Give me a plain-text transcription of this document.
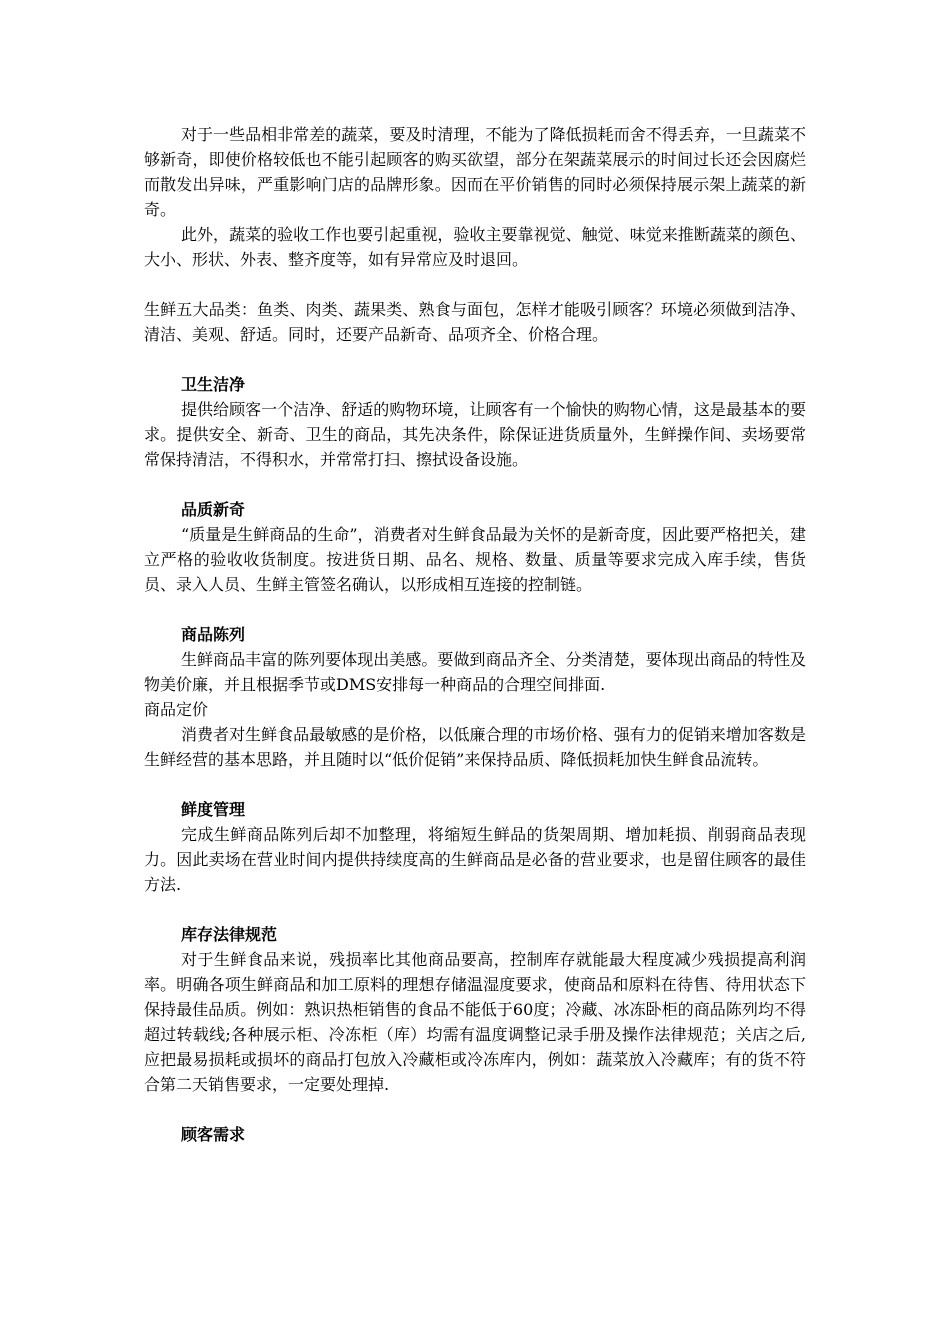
对于一些品相非常差的蔬菜，要及时清理，不能为了降低损耗而舍不得丢弃，一旦蔬菜不够新奇，即使价格较低也不能引起顾客的购买欲望，部分在架蔬菜展示的时间过长还会因腐烂而散发出异味，严重影响门店的品牌形象。因而在平价销售的同时必须保持展示架上蔬菜的新奇。

此外，蔬菜的验收工作也要引起重视，验收主要靠视觉、触觉、味觉来推断蔬菜的颜色、大小、形状、外表、整齐度等，如有异常应及时退回。

生鲜五大品类：鱼类、肉类、蔬果类、熟食与面包，怎样才能吸引顾客？环境必须做到洁净、清洁、美观、舒适。同时，还要产品新奇、品项齐全、价格合理。

卫生洁净

提供给顾客一个洁净、舒适的购物环境，让顾客有一个愉快的购物心情，这是最基本的要求。提供安全、新奇、卫生的商品，其先决条件，除保证进货质量外，生鲜操作间、卖场要常常保持清洁，不得积水，并常常打扫、擦拭设备设施。

品质新奇

“质量是生鲜商品的生命”，消费者对生鲜食品最为关怀的是新奇度，因此要严格把关，建立严格的验收收货制度。按进货日期、品名、规格、数量、质量等要求完成入库手续，售货员、录入人员、生鲜主管签名确认，以形成相互连接的控制链。

商品陈列

生鲜商品丰富的陈列要体现出美感。要做到商品齐全、分类清楚，要体现出商品的特性及物美价廉，并且根据季节或DMS安排每一种商品的合理空间排面.

商品定价

消费者对生鲜食品最敏感的是价格，以低廉合理的市场价格、强有力的促销来增加客数是生鲜经营的基本思路，并且随时以“低价促销”来保持品质、降低损耗加快生鲜食品流转。

鲜度管理

完成生鲜商品陈列后却不加整理，将缩短生鲜品的货架周期、增加耗损、削弱商品表现力。因此卖场在营业时间内提供持续度高的生鲜商品是必备的营业要求，也是留住顾客的最佳方法.

库存法律规范

对于生鲜食品来说，残损率比其他商品要高，控制库存就能最大程度减少残损提高利润率。明确各项生鲜商品和加工原料的理想存储温湿度要求，使商品和原料在待售、待用状态下保持最佳品质。例如：熟识热柜销售的食品不能低于60度；冷藏、冰冻卧柜的商品陈列均不得超过转载线;各种展示柜、冷冻柜（库）均需有温度调整记录手册及操作法律规范；关店之后,应把最易损耗或损坏的商品打包放入冷藏柜或冷冻库内，例如：蔬菜放入冷藏库；有的货不符合第二天销售要求，一定要处理掉.

顾客需求
